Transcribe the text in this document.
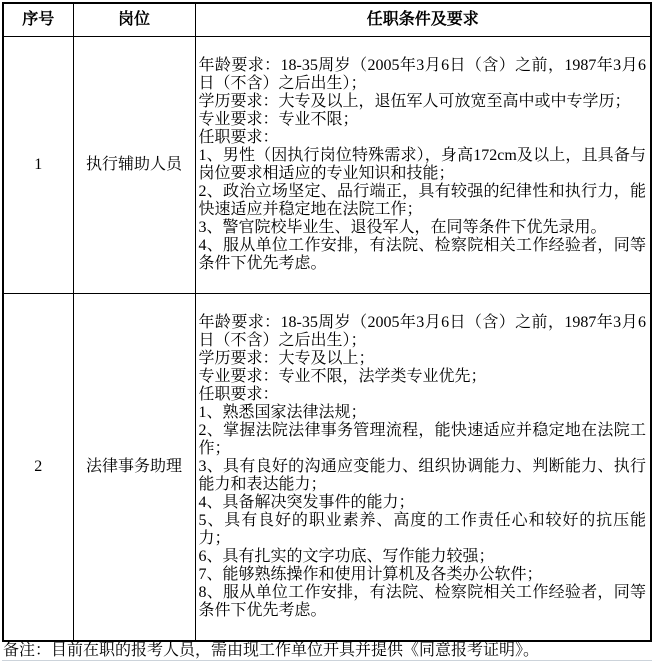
序号	岗位	任职条件及要求
1	执行辅助人员	
年龄要求：18-35周岁（2005年3月6日（含）之前，1987年3月6日（不含）之后出生）；
学历要求：大专及以上，退伍军人可放宽至高中或中专学历；
专业要求：专业不限；
任职要求：
1、男性（因执行岗位特殊需求），身高172cm及以上，且具备与岗位要求相适应的专业知识和技能；
2、政治立场坚定、品行端正，具有较强的纪律性和执行力，能快速适应并稳定地在法院工作；
3、警官院校毕业生、退役军人，在同等条件下优先录用。
4、服从单位工作安排，有法院、检察院相关工作经验者，同等条件下优先考虑。

2	法律事务助理	
年龄要求：18-35周岁（2005年3月6日（含）之前，1987年3月6日（不含）之后出生）；
学历要求：大专及以上；
专业要求：专业不限，法学类专业优先；
任职要求：
1、熟悉国家法律法规；
2、掌握法院法律事务管理流程，能快速适应并稳定地在法院工作；
3、具有良好的沟通应变能力、组织协调能力、判断能力、执行能力和表达能力；
4、具备解决突发事件的能力；
5、具有良好的职业素养、高度的工作责任心和较好的抗压能力；
6、具有扎实的文字功底、写作能力较强；
7、能够熟练操作和使用计算机及各类办公软件；
8、服从单位工作安排，有法院、检察院相关工作经验者，同等条件下优先考虑。
备注：目前在职的报考人员，需由现工作单位开具并提供《同意报考证明》。
